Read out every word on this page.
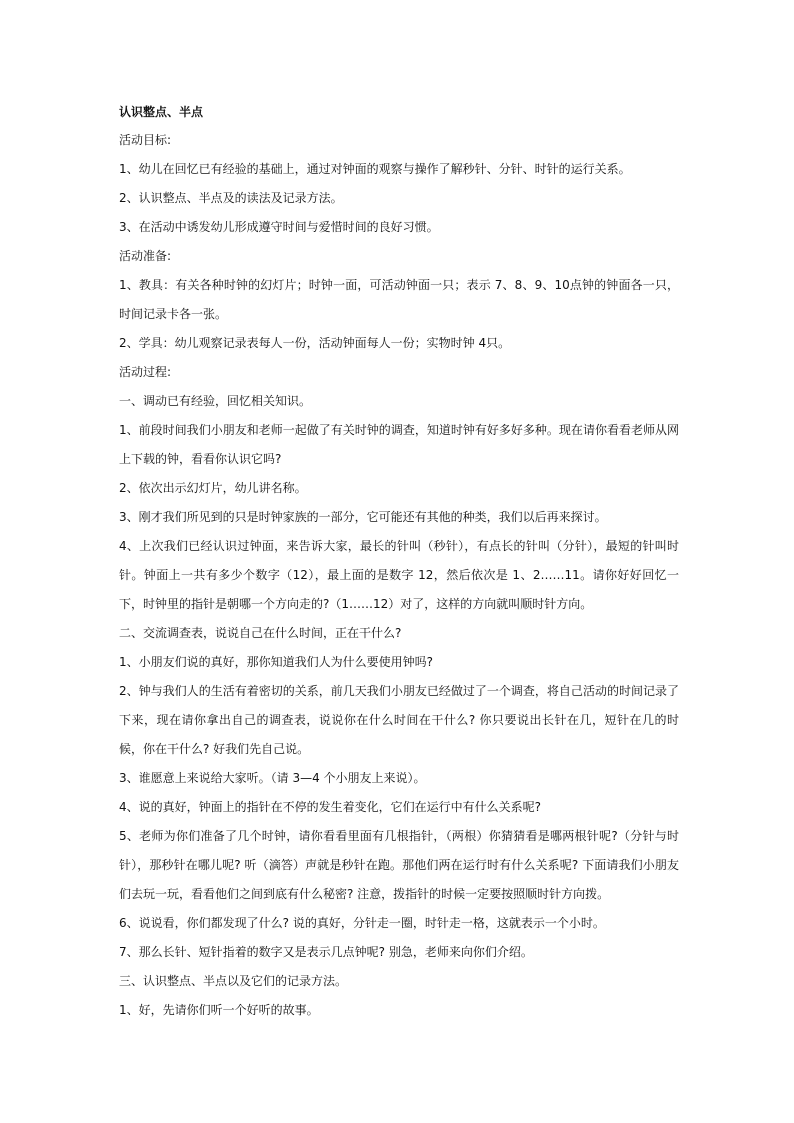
认识整点、半点

活动目标:

1、幼儿在回忆已有经验的基础上，通过对钟面的观察与操作了解秒针、分针、时针的运行关系。

2、认识整点、半点及的读法及记录方法。

3、在活动中诱发幼儿形成遵守时间与爱惜时间的良好习惯。

活动准备:

1、教具：有关各种时钟的幻灯片；时钟一面，可活动钟面一只；表示 7、8、9、10点钟的钟面各一只，时间记录卡各一张。

2、学具：幼儿观察记录表每人一份，活动钟面每人一份；实物时钟 4只。

活动过程:

一、调动已有经验，回忆相关知识。

1、前段时间我们小朋友和老师一起做了有关时钟的调查，知道时钟有好多好多种。现在请你看看老师从网上下载的钟，看看你认识它吗?

2、依次出示幻灯片，幼儿讲名称。

3、刚才我们所见到的只是时钟家族的一部分，它可能还有其他的种类，我们以后再来探讨。

4、上次我们已经认识过钟面，来告诉大家，最长的针叫（秒针），有点长的针叫（分针），最短的针叫时针。钟面上一共有多少个数字（12），最上面的是数字 12，然后依次是 1、2……11。请你好好回忆一下，时钟里的指针是朝哪一个方向走的?（1……12）对了，这样的方向就叫顺时针方向。

二、交流调查表，说说自己在什么时间，正在干什么?

1、小朋友们说的真好，那你知道我们人为什么要使用钟吗?

2、钟与我们人的生活有着密切的关系，前几天我们小朋友已经做过了一个调查，将自己活动的时间记录了下来，现在请你拿出自己的调查表，说说你在什么时间在干什么? 你只要说出长针在几，短针在几的时候，你在干什么? 好我们先自己说。

3、谁愿意上来说给大家听。（请 3—4 个小朋友上来说）。

4、说的真好，钟面上的指针在不停的发生着变化，它们在运行中有什么关系呢?

5、老师为你们准备了几个时钟，请你看看里面有几根指针，（两根）你猜猜看是哪两根针呢?（分针与时针），那秒针在哪儿呢? 听（滴答）声就是秒针在跑。那他们两在运行时有什么关系呢? 下面请我们小朋友们去玩一玩，看看他们之间到底有什么秘密? 注意，拨指针的时候一定要按照顺时针方向拨。

6、说说看，你们都发现了什么? 说的真好，分针走一圈，时针走一格，这就表示一个小时。

7、那么长针、短针指着的数字又是表示几点钟呢? 别急，老师来向你们介绍。

三、认识整点、半点以及它们的记录方法。

1、好，先请你们听一个好听的故事。
